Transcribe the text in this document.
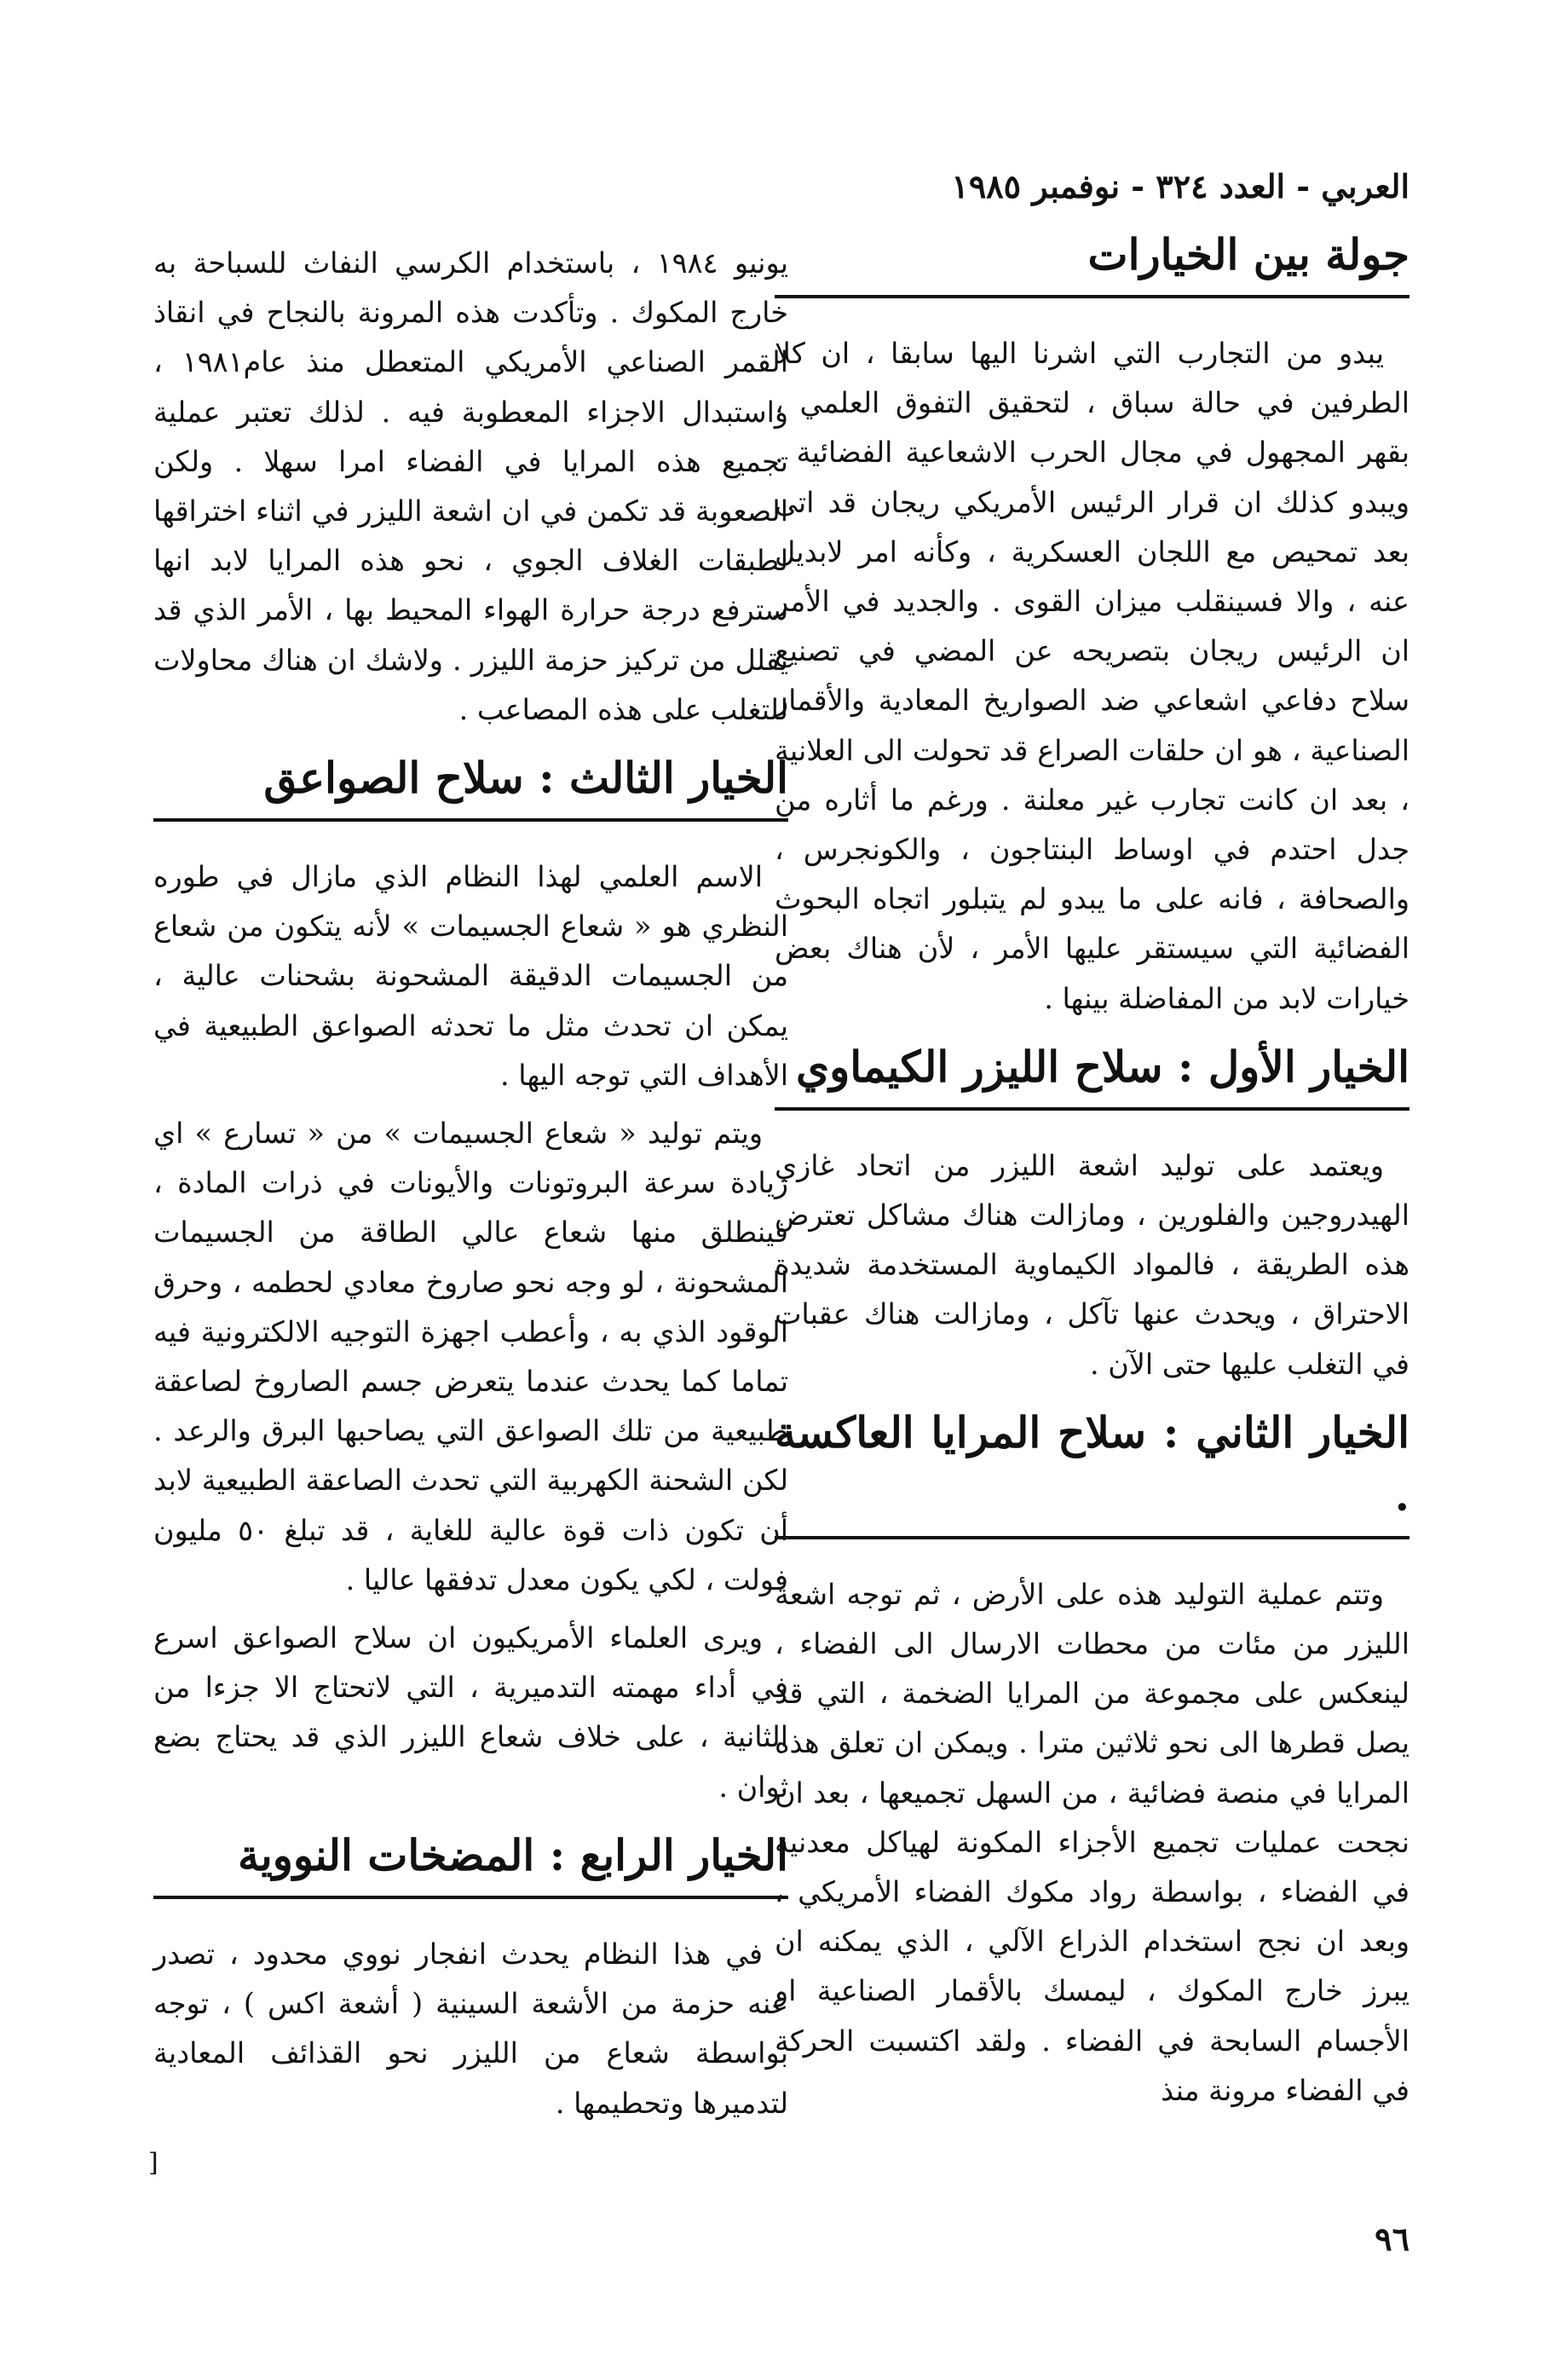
العربي - العدد ٣٢٤ - نوفمبر ١٩٨٥
جولة بين الخيارات

يبدو من التجارب التي اشرنا اليها سابقا ، ان كلا الطرفين في حالة سباق ، لتحقيق التفوق العلمي ، بقهر المجهول في مجال الحرب الاشعاعية الفضائية . ويبدو كذلك ان قرار الرئيس الأمريكي ريجان قد اتى بعد تمحيص مع اللجان العسكرية ، وكأنه امر لابديل عنه ، والا فسينقلب ميزان القوى . والجديد في الأمر ان الرئيس ريجان بتصريحه عن المضي في تصنيع سلاح دفاعي اشعاعي ضد الصواريخ المعادية والأقمار الصناعية ، هو ان حلقات الصراع قد تحولت الى العلانية ، بعد ان كانت تجارب غير معلنة . ورغم ما أثاره من جدل احتدم في اوساط البنتاجون ، والكونجرس ، والصحافة ، فانه على ما يبدو لم يتبلور اتجاه البحوث الفضائية التي سيستقر عليها الأمر ، لأن هناك بعض خيارات لابد من المفاضلة بينها .

الخيار الأول : سلاح الليزر الكيماوي

ويعتمد على توليد اشعة الليزر من اتحاد غازي الهيدروجين والفلورين ، ومازالت هناك مشاكل تعترض هذه الطريقة ، فالمواد الكيماوية المستخدمة شديدة الاحتراق ، ويحدث عنها تآكل ، ومازالت هناك عقبات في التغلب عليها حتى الآن .

الخيار الثاني : سلاح المرايا العاكسة .

وتتم عملية التوليد هذه على الأرض ، ثم توجه اشعة الليزر من مئات من محطات الارسال الى الفضاء ، لينعكس على مجموعة من المرايا الضخمة ، التي قد يصل قطرها الى نحو ثلاثين مترا . ويمكن ان تعلق هذه المرايا في منصة فضائية ، من السهل تجميعها ، بعد ان نجحت عمليات تجميع الأجزاء المكونة لهياكل معدنية في الفضاء ، بواسطة رواد مكوك الفضاء الأمريكي ، وبعد ان نجح استخدام الذراع الآلي ، الذي يمكنه ان يبرز خارج المكوك ، ليمسك بالأقمار الصناعية او الأجسام السابحة في الفضاء . ولقد اكتسبت الحركة في الفضاء مرونة منذ

يونيو ١٩٨٤ ، باستخدام الكرسي النفاث للسباحة به خارج المكوك . وتأكدت هذه المرونة بالنجاح في انقاذ القمر الصناعي الأمريكي المتعطل منذ عام١٩٨١ ، واستبدال الاجزاء المعطوبة فيه . لذلك تعتبر عملية تجميع هذه المرايا في الفضاء امرا سهلا . ولكن الصعوبة قد تكمن في ان اشعة الليزر في اثناء اختراقها لطبقات الغلاف الجوي ، نحو هذه المرايا لابد انها سترفع درجة حرارة الهواء المحيط بها ، الأمر الذي قد يقلل من تركيز حزمة الليزر . ولاشك ان هناك محاولات للتغلب على هذه المصاعب .

الخيار الثالث : سلاح الصواعق

الاسم العلمي لهذا النظام الذي مازال في طوره النظري هو « شعاع الجسيمات » لأنه يتكون من شعاع من الجسيمات الدقيقة المشحونة بشحنات عالية ، يمكن ان تحدث مثل ما تحدثه الصواعق الطبيعية في الأهداف التي توجه اليها .

ويتم توليد « شعاع الجسيمات » من « تسارع » اي زيادة سرعة البروتونات والأيونات في ذرات المادة ، فينطلق منها شعاع عالي الطاقة من الجسيمات المشحونة ، لو وجه نحو صاروخ معادي لحطمه ، وحرق الوقود الذي به ، وأعطب اجهزة التوجيه الالكترونية فيه تماما كما يحدث عندما يتعرض جسم الصاروخ لصاعقة طبيعية من تلك الصواعق التي يصاحبها البرق والرعد . لكن الشحنة الكهربية التي تحدث الصاعقة الطبيعية لابد أن تكون ذات قوة عالية للغاية ، قد تبلغ ٥٠ مليون فولت ، لكي يكون معدل تدفقها عاليا .

ويرى العلماء الأمريكيون ان سلاح الصواعق اسرع في أداء مهمته التدميرية ، التي لاتحتاج الا جزءا من الثانية ، على خلاف شعاع الليزر الذي قد يحتاج بضع ثوان .

الخيار الرابع : المضخات النووية

في هذا النظام يحدث انفجار نووي محدود ، تصدر عنه حزمة من الأشعة السينية ( أشعة اكس ) ، توجه بواسطة شعاع من الليزر نحو القذائف المعادية لتدميرها وتحطيمها .

[
٩٦
